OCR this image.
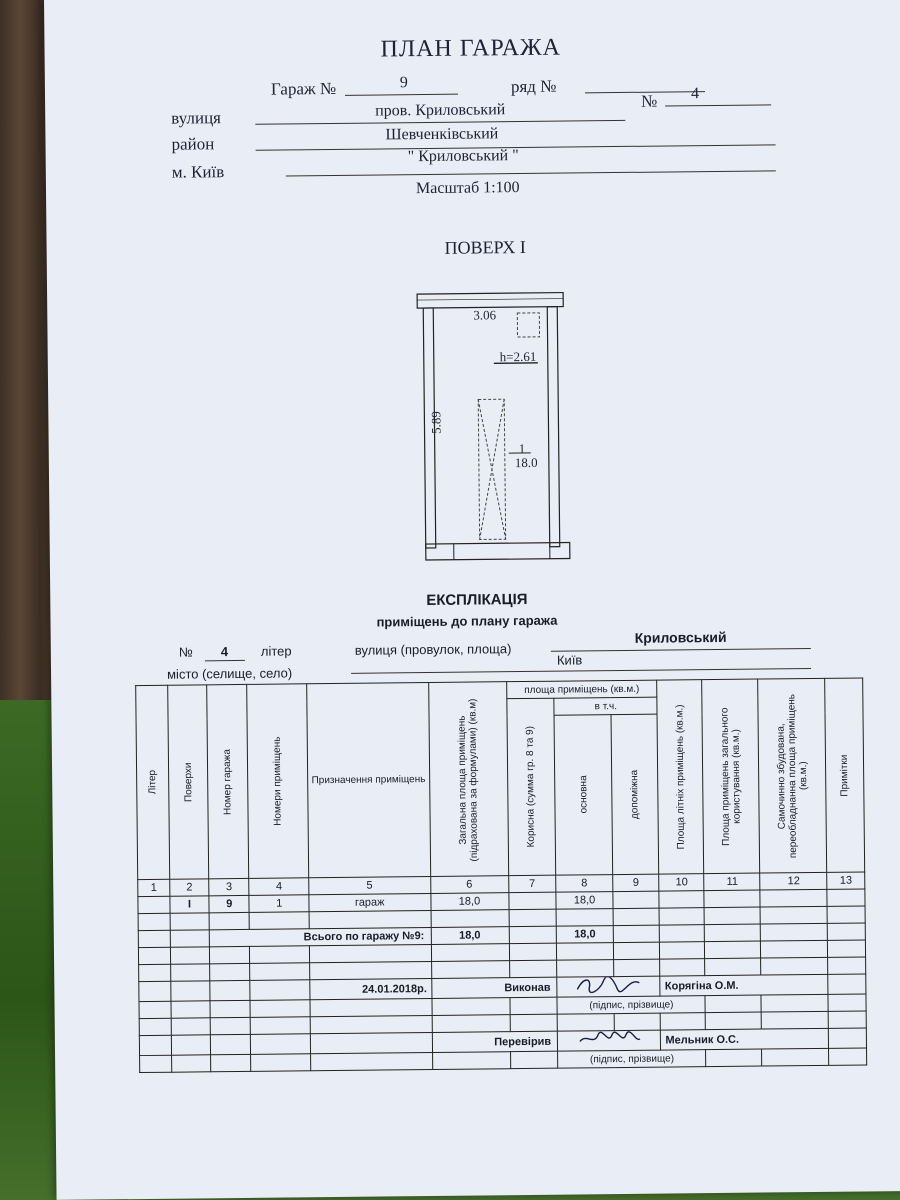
ПЛАН ГАРАЖА
Гараж №	9	ряд №
вулиця	пров. Криловський	№ 4
район	Шевченківський
м. Київ
" Криловський "
Масштаб 1:100
ПОВЕРХ І
3.06
h=2.61
5.89
1
18.0
ЕКСПЛІКАЦІЯ
приміщень до плану гаража
№ 4	літер	вулиця (провулок, площа)
Криловський
місто (селище, село)
Київ
Літер	Поверхи	Номер гаража	Номери приміщень	Призначення приміщень	Загальна площа приміщень (підрахована за формулами) (кв.м)	площа приміщень (кв.м.)			Площа літніх приміщень (кв.м.)	Площа приміщень загального користування (кв.м.)	Самочинно збудована, переобладнанна площа приміщень (кв.м.)	Примітки

						Корисна (сумма гр. 8 та 9)	в т.ч.					

							основна	допоміжна				

1	2	3	4	5	6	7	8	9	10	11	12	13
	І	9	1	гараж	18,0		18,0					

		Всього по гаражу №9:			18,0		18,0					

				24.01.2018р.	Виконав				Корягіна О.М.			
							(підпис, прізвище)					

					Перевірив				Мельник О.С.			
							(підпис, прізвище)					
